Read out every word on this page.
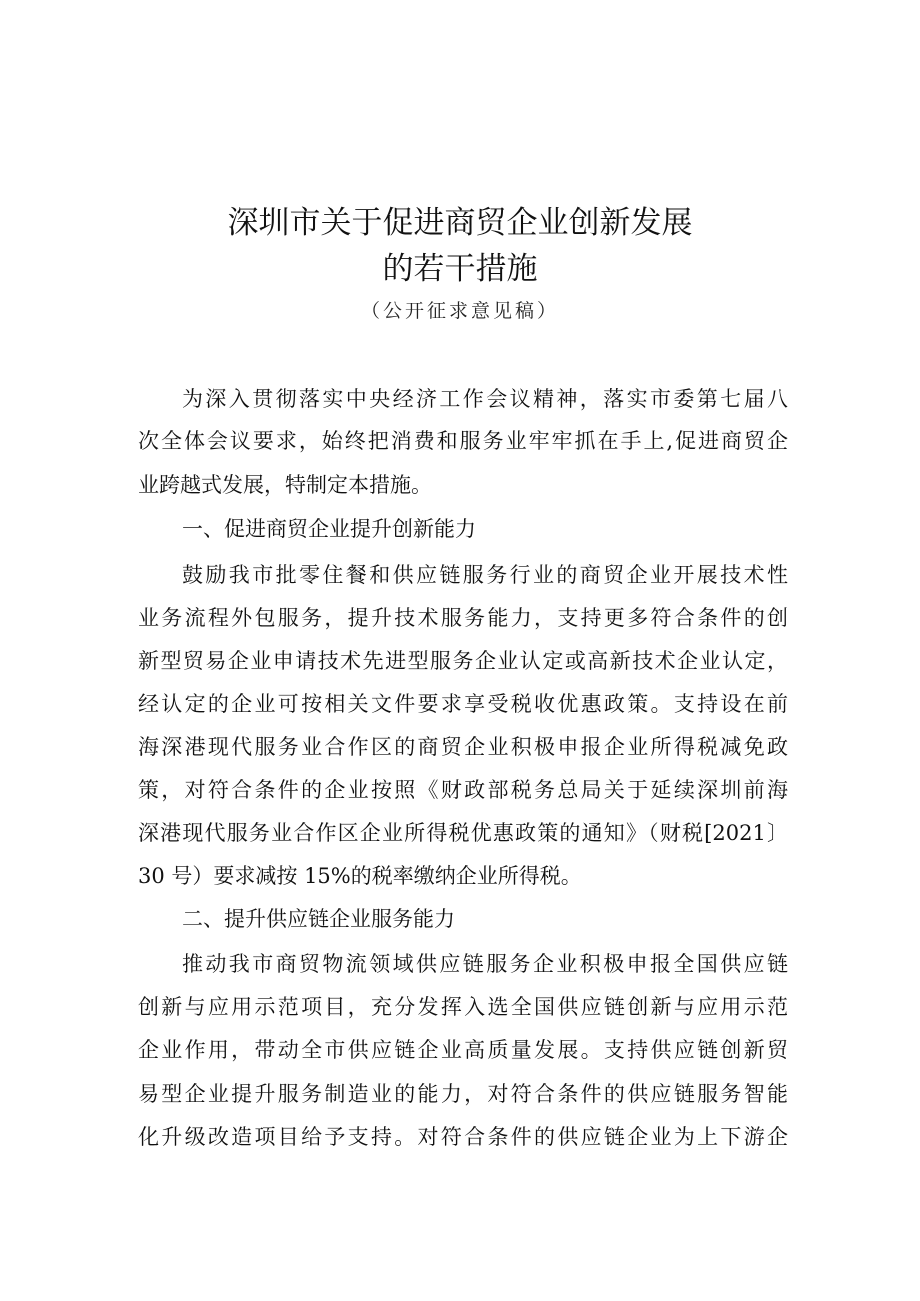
深圳市关于促进商贸企业创新发展
的若干措施
（公开征求意见稿）
为深入贯彻落实中央经济工作会议精神，落实市委第七届八
次全体会议要求，始终把消费和服务业牢牢抓在手上,促进商贸企
业跨越式发展，特制定本措施。
一、促进商贸企业提升创新能力
鼓励我市批零住餐和供应链服务行业的商贸企业开展技术性
业务流程外包服务，提升技术服务能力，支持更多符合条件的创
新型贸易企业申请技术先进型服务企业认定或高新技术企业认定，
经认定的企业可按相关文件要求享受税收优惠政策。支持设在前
海深港现代服务业合作区的商贸企业积极申报企业所得税减免政
策，对符合条件的企业按照《财政部税务总局关于延续深圳前海
深港现代服务业合作区企业所得税优惠政策的通知》（财税[2021〕
30 号）要求减按 15%的税率缴纳企业所得税。
二、提升供应链企业服务能力
推动我市商贸物流领域供应链服务企业积极申报全国供应链
创新与应用示范项目，充分发挥入选全国供应链创新与应用示范
企业作用，带动全市供应链企业高质量发展。支持供应链创新贸
易型企业提升服务制造业的能力，对符合条件的供应链服务智能
化升级改造项目给予支持。对符合条件的供应链企业为上下游企
